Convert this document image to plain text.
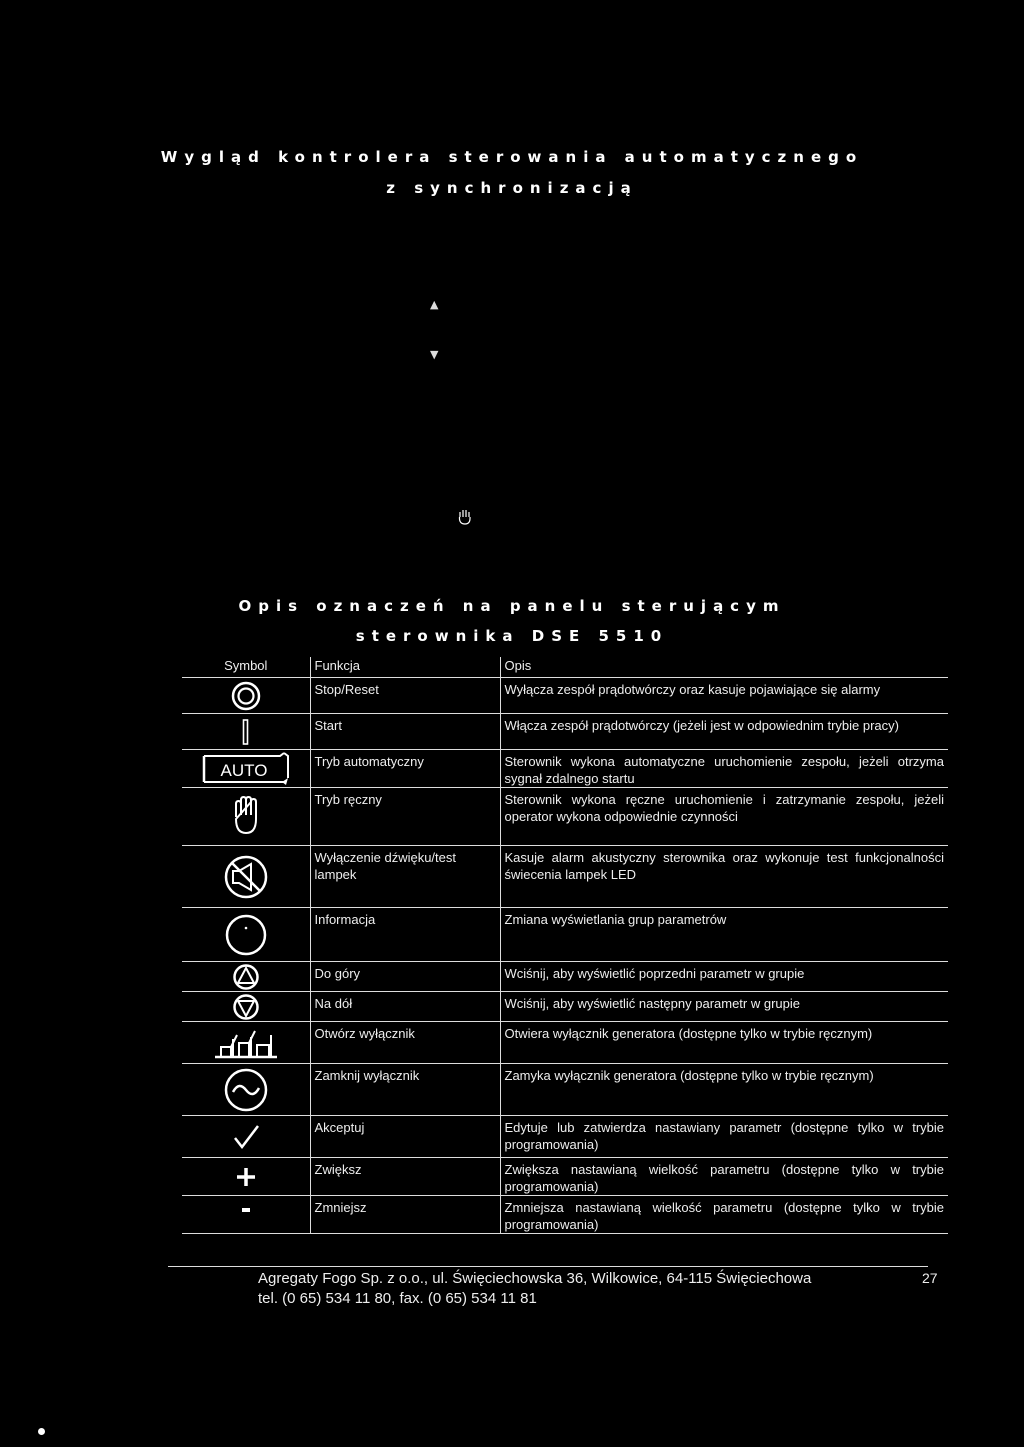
Wygląd kontrolera sterowania automatycznego
z synchronizacją
▲
▼
Opis oznaczeń na panelu sterującym
sterownika DSE 5510
Symbol	Funkcja	Opis

	Stop/Reset	Wyłącza zespół prądotwórczy oraz kasuje pojawiające się alarmy

	Start	Włącza zespół prądotwórczy (jeżeli jest w odpowiednim trybie pracy)

AUTO	Tryb automatyczny	Sterownik wykona automatyczne uruchomienie zespołu, jeżeli otrzyma sygnał zdalnego startu

	Tryb ręczny	Sterownik wykona ręczne uruchomienie i zatrzymanie zespołu, jeżeli operator wykona odpowiednie czynności

	Wyłączenie dźwięku/test lampek	Kasuje alarm akustyczny sterownika oraz wykonuje test funkcjonalności świecenia lampek LED

	Informacja	Zmiana wyświetlania grup parametrów

	Do góry	Wciśnij, aby wyświetlić poprzedni parametr w grupie

	Na dół	Wciśnij, aby wyświetlić następny parametr w grupie

	Otwórz wyłącznik	Otwiera wyłącznik generatora (dostępne tylko w trybie ręcznym)

	Zamknij wyłącznik	Zamyka wyłącznik generatora (dostępne tylko w trybie ręcznym)

	Akceptuj	Edytuje lub zatwierdza nastawiany parametr (dostępne tylko w trybie programowania)

	Zwiększ	Zwiększa nastawianą wielkość parametru (dostępne tylko w trybie programowania)

	Zmniejsz	Zmniejsza nastawianą wielkość parametru (dostępne tylko w trybie programowania)
Agregaty Fogo Sp. z o.o., ul. Święciechowska 36, Wilkowice, 64-115 Święciechowa
tel. (0 65) 534 11 80, fax. (0 65) 534 11 81
27
